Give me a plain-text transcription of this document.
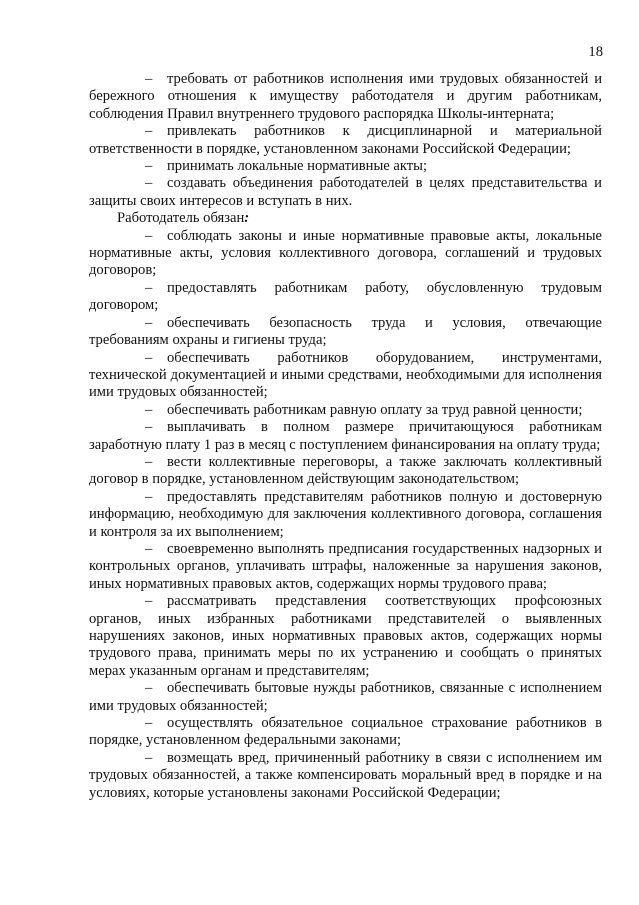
18

– требовать от работников исполнения ими трудовых обязанностей и бережного отношения к имуществу работодателя и другим работникам, соблюдения Правил внутреннего трудового распорядка Школы-интерната;

– привлекать работников к дисциплинарной и материальной ответственности в порядке, установленном законами Российской Федерации;

– принимать локальные нормативные акты;

– создавать объединения работодателей в целях представительства и защиты своих интересов и вступать в них.

Работодатель обязан:

– соблюдать законы и иные нормативные правовые акты, локальные нормативные акты, условия коллективного договора, соглашений и трудовых договоров;

– предоставлять работникам работу, обусловленную трудовым договором;

– обеспечивать безопасность труда и условия, отвечающие требованиям охраны и гигиены труда;

– обеспечивать работников оборудованием, инструментами, технической документацией и иными средствами, необходимыми для исполнения ими трудовых обязанностей;

– обеспечивать работникам равную оплату за труд равной ценности;

– выплачивать в полном размере причитающуюся работникам заработную плату 1 раз в месяц с поступлением финансирования на оплату труда;

– вести коллективные переговоры, а также заключать коллективный договор в порядке, установленном действующим законодательством;

– предоставлять представителям работников полную и достоверную информацию, необходимую для заключения коллективного договора, соглашения и контроля за их выполнением;

– своевременно выполнять предписания государственных надзорных и контрольных органов, уплачивать штрафы, наложенные за нарушения законов, иных нормативных правовых актов, содержащих нормы трудового права;

– рассматривать представления соответствующих профсоюзных органов, иных избранных работниками представителей о выявленных нарушениях законов, иных нормативных правовых актов, содержащих нормы трудового права, принимать меры по их устранению и сообщать о принятых мерах указанным органам и представителям;

– обеспечивать бытовые нужды работников, связанные с исполнением ими трудовых обязанностей;

– осуществлять обязательное социальное страхование работников в порядке, установленном федеральными законами;

– возмещать вред, причиненный работнику в связи с исполнением им трудовых обязанностей, а также компенсировать моральный вред в порядке и на условиях, которые установлены законами Российской Федерации;
